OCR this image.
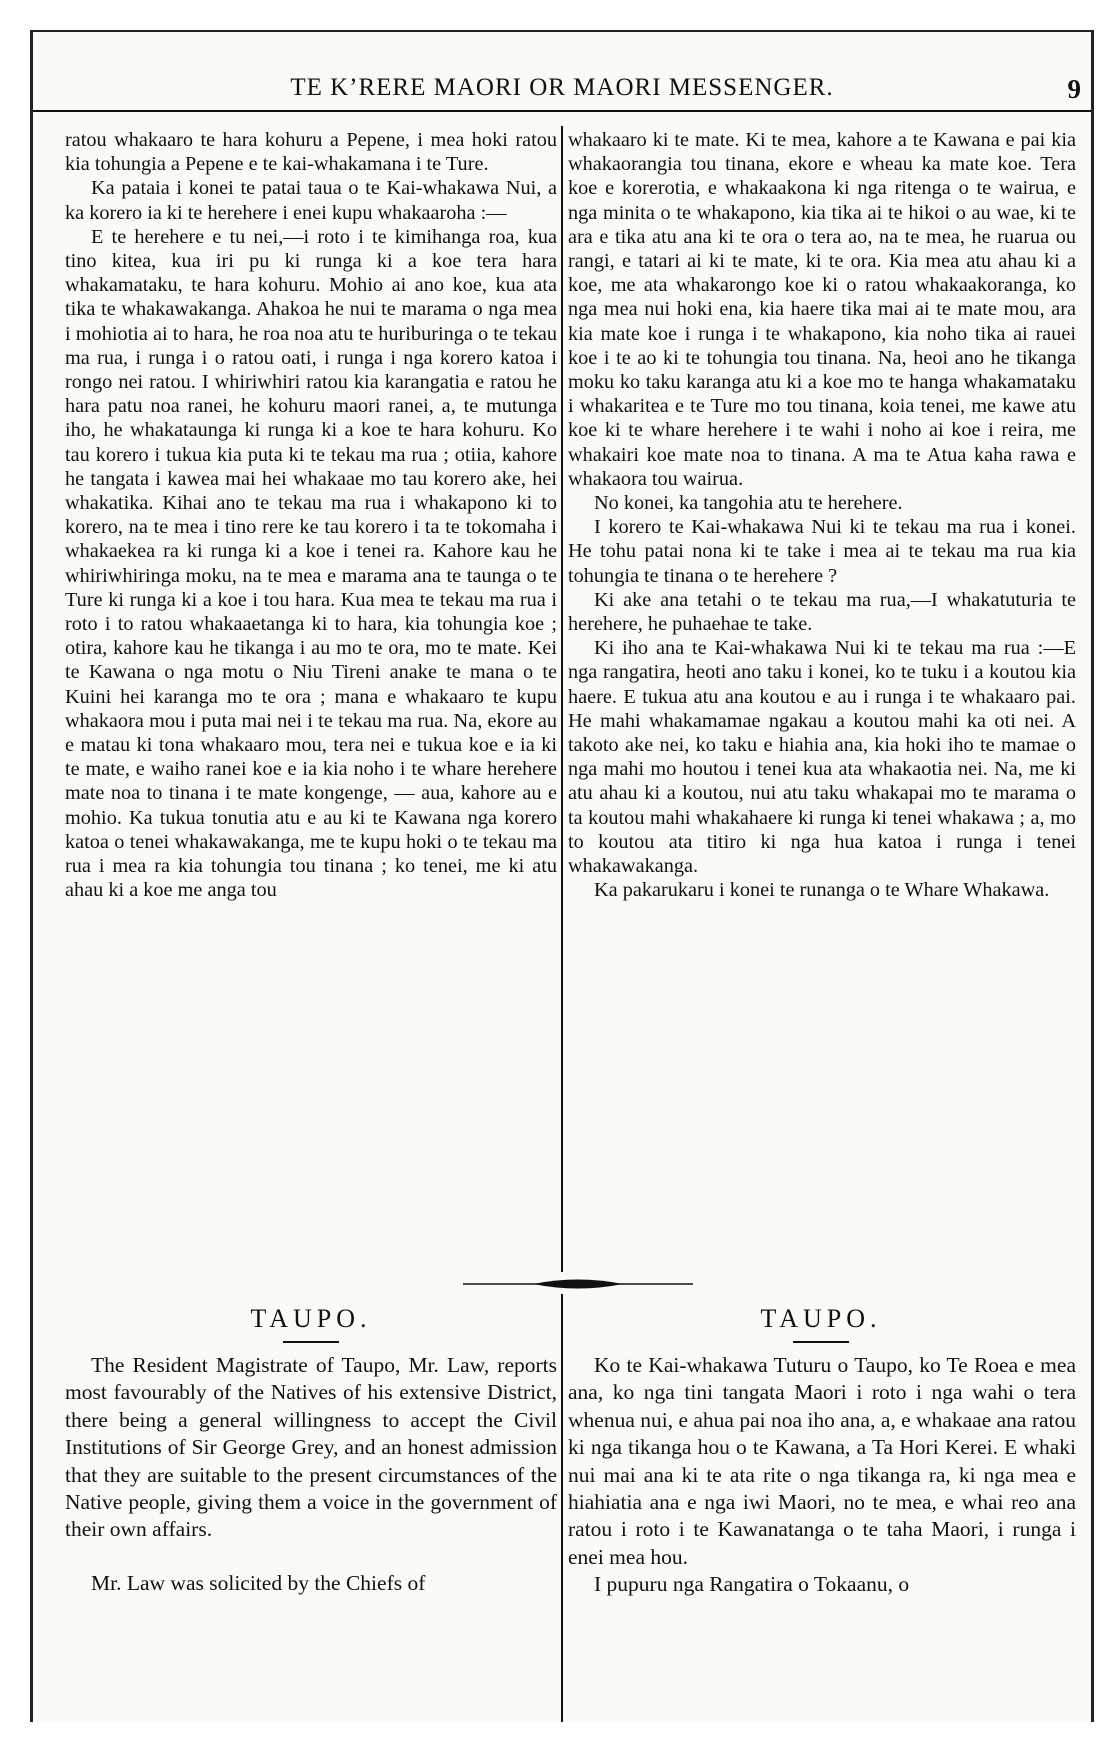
TE K’RERE MAORI OR MAORI MESSENGER.	9

ratou whakaaro te hara kohuru a Pepene, i mea hoki ratou kia tohungia a Pepene e te kai-whakamana i te Ture.

Ka pataia i konei te patai taua o te Kai-whakawa Nui, a ka korero ia ki te herehere i enei kupu whakaaroha :—

E te herehere e tu nei,—i roto i te kimihanga roa, kua tino kitea, kua iri pu ki runga ki a koe tera hara whakamataku, te hara kohuru. Mohio ai ano koe, kua ata tika te whakawakanga. Ahakoa he nui te marama o nga mea i mohiotia ai to hara, he roa noa atu te huriburinga o te tekau ma rua, i runga i o ratou oati, i runga i nga korero katoa i rongo nei ratou. I whiriwhiri ratou kia karangatia e ratou he hara patu noa ranei, he kohuru maori ranei, a, te mutunga iho, he whakataunga ki runga ki a koe te hara kohuru. Ko tau korero i tukua kia puta ki te tekau ma rua ; otiia, kahore he tangata i kawea mai hei whakaae mo tau korero ake, hei whakatika. Kihai ano te tekau ma rua i whakapono ki to korero, na te mea i tino rere ke tau korero i ta te tokomaha i whakaekea ra ki runga ki a koe i tenei ra. Kahore kau he whiriwhiringa moku, na te mea e marama ana te taunga o te Ture ki runga ki a koe i tou hara. Kua mea te tekau ma rua i roto i to ratou whakaaetanga ki to hara, kia tohungia koe ; otira, kahore kau he tikanga i au mo te ora, mo te mate. Kei te Kawana o nga motu o Niu Tireni anake te mana o te Kuini hei karanga mo te ora ; mana e whakaaro te kupu whakaora mou i puta mai nei i te tekau ma rua. Na, ekore au e matau ki tona whakaaro mou, tera nei e tukua koe e ia ki te mate, e waiho ranei koe e ia kia noho i te whare herehere mate noa to tinana i te mate kongenge, — aua, kahore au e mohio. Ka tukua tonutia atu e au ki te Kawana nga korero katoa o tenei whakawakanga, me te kupu hoki o te tekau ma rua i mea ra kia tohungia tou tinana ; ko tenei, me ki atu ahau ki a koe me anga tou

whakaaro ki te mate. Ki te mea, kahore a te Kawana e pai kia whakaorangia tou tinana, ekore e wheau ka mate koe. Tera koe e korerotia, e whakaakona ki nga ritenga o te wairua, e nga minita o te whakapono, kia tika ai te hikoi o au wae, ki te ara e tika atu ana ki te ora o tera ao, na te mea, he ruarua ou rangi, e tatari ai ki te mate, ki te ora. Kia mea atu ahau ki a koe, me ata whakarongo koe ki o ratou whakaakoranga, ko nga mea nui hoki ena, kia haere tika mai ai te mate mou, ara kia mate koe i runga i te whakapono, kia noho tika ai rauei koe i te ao ki te tohungia tou tinana. Na, heoi ano he tikanga moku ko taku karanga atu ki a koe mo te hanga whakamataku i whakaritea e te Ture mo tou tinana, koia tenei, me kawe atu koe ki te whare herehere i te wahi i noho ai koe i reira, me whakairi koe mate noa to tinana. A ma te Atua kaha rawa e whakaora tou wairua.

No konei, ka tangohia atu te herehere.

I korero te Kai-whakawa Nui ki te tekau ma rua i konei. He tohu patai nona ki te take i mea ai te tekau ma rua kia tohungia te tinana o te herehere ?

Ki ake ana tetahi o te tekau ma rua,—I whakatuturia te herehere, he puhaehae te take.

Ki iho ana te Kai-whakawa Nui ki te tekau ma rua :—E nga rangatira, heoti ano taku i konei, ko te tuku i a koutou kia haere. E tukua atu ana koutou e au i runga i te whakaaro pai. He mahi whakamamae ngakau a koutou mahi ka oti nei. A takoto ake nei, ko taku e hiahia ana, kia hoki iho te mamae o nga mahi mo houtou i tenei kua ata whakaotia nei. Na, me ki atu ahau ki a koutou, nui atu taku whakapai mo te marama o ta koutou mahi whakahaere ki runga ki tenei whakawa ; a, mo to koutou ata titiro ki nga hua katoa i runga i tenei whakawakanga.

Ka pakarukaru i konei te runanga o te Whare Whakawa.

TAUPO.	TAUPO.

The Resident Magistrate of Taupo, Mr. Law, reports most favourably of the Natives of his extensive District, there being a general willingness to accept the Civil Institutions of Sir George Grey, and an honest admission that they are suitable to the present circumstances of the Native people, giving them a voice in the government of their own affairs.

Mr. Law was solicited by the Chiefs of

Ko te Kai-whakawa Tuturu o Taupo, ko Te Roea e mea ana, ko nga tini tangata Maori i roto i nga wahi o tera whenua nui, e ahua pai noa iho ana, a, e whakaae ana ratou ki nga tikanga hou o te Kawana, a Ta Hori Kerei. E whaki nui mai ana ki te ata rite o nga tikanga ra, ki nga mea e hiahiatia ana e nga iwi Maori, no te mea, e whai reo ana ratou i roto i te Kawanatanga o te taha Maori, i runga i enei mea hou.

I pupuru nga Rangatira o Tokaanu, o
